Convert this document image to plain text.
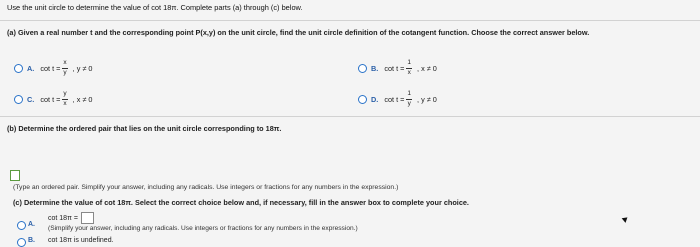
Use the unit circle to determine the value of cot 18π. Complete parts (a) through (c) below.
(a) Given a real number t and the corresponding point P(x,y) on the unit circle, find the unit circle definition of the cotangent function. Choose the correct answer below.
A. $\cot t = \frac{x}{y}$ , y ≠ 0	B. $\cot t = \frac{1}{x}$ , x ≠ 0
C. $\cot t = \frac{y}{x}$ , x ≠ 0	D. $\cot t = \frac{1}{y}$ , y ≠ 0
(b) Determine the ordered pair that lies on the unit circle corresponding to 18π.
(Type an ordered pair. Simplify your answer, including any radicals. Use integers or fractions for any numbers in the expression.)
(c) Determine the value of cot 18π. Select the correct choice below and, if necessary, fill in the answer box to complete your choice.
A.
cot 18π =
(Simplify your answer, including any radicals. Use integers or fractions for any numbers in the expression.)
B. cot 18π is undefined.
